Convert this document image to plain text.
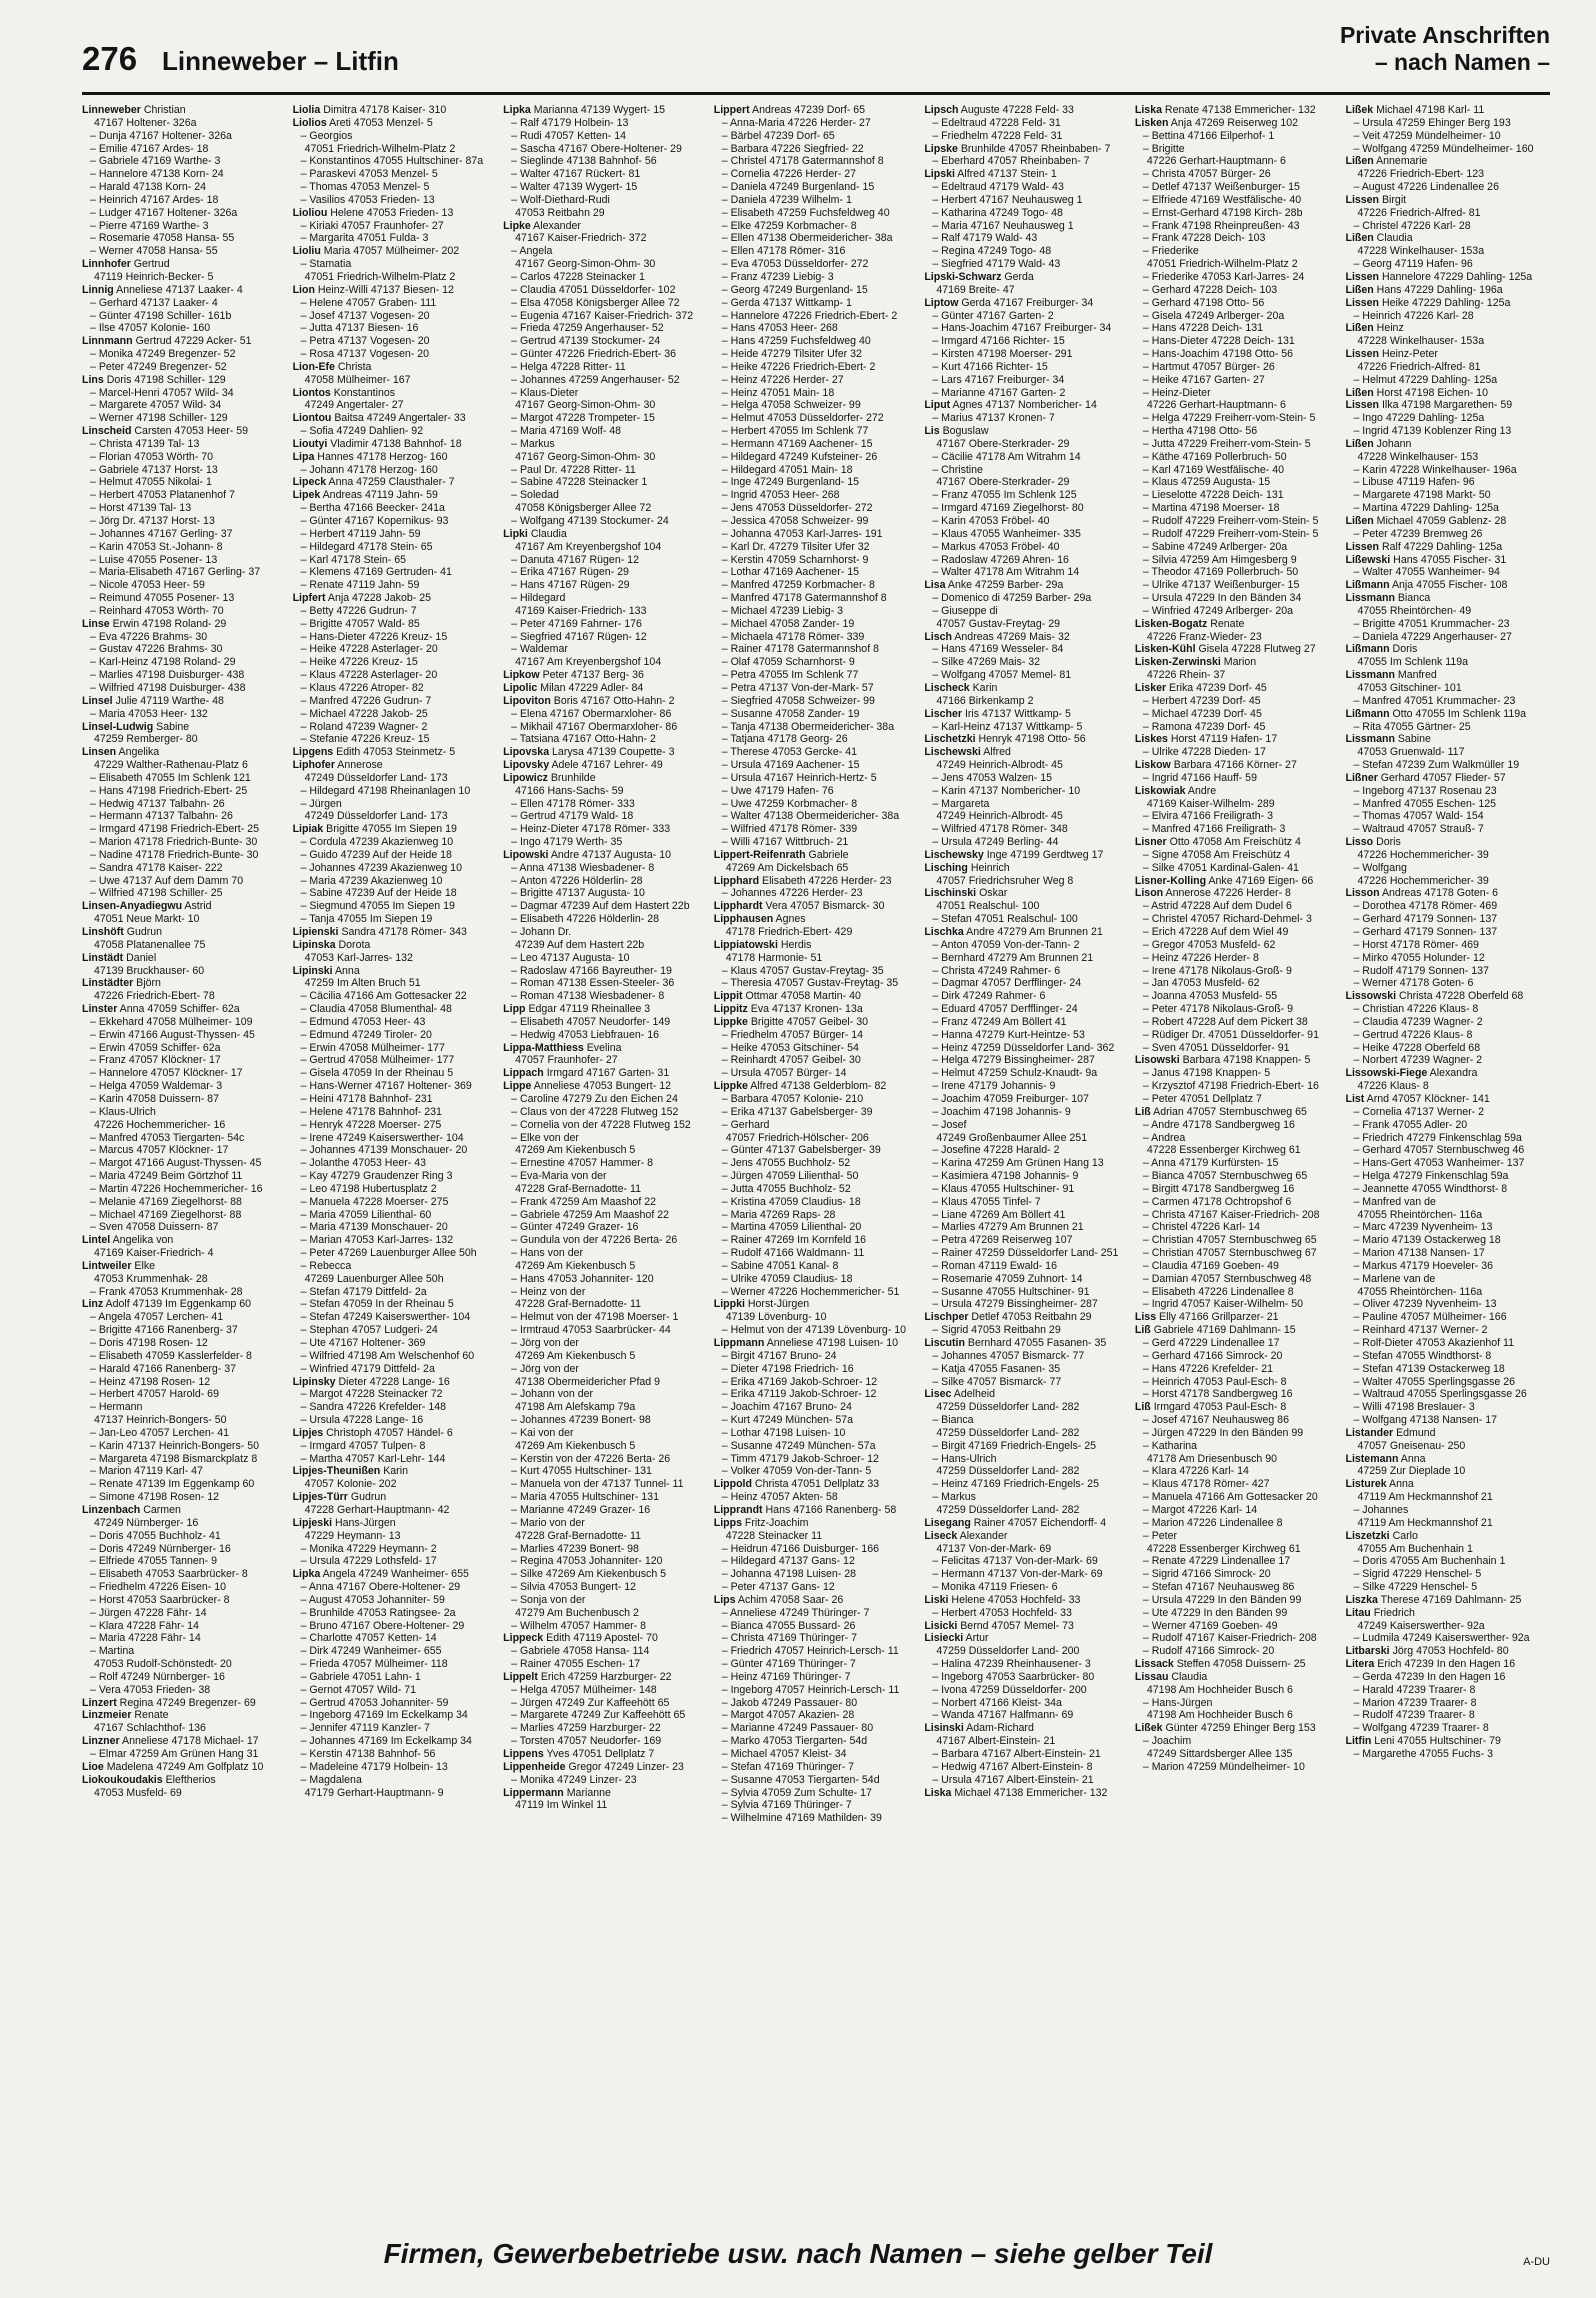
276 Linneweber – Litfin
Private Anschriften
– nach Namen –
Linneweber Christian
47167 Holtener- 326a
– Dunja 47167 Holtener- 326a
– Emilie 47167 Ardes- 18
– Gabriele 47169 Warthe- 3
– Hannelore 47138 Korn- 24
– Harald 47138 Korn- 24
– Heinrich 47167 Ardes- 18
– Ludger 47167 Holtener- 326a
– Pierre 47169 Warthe- 3
– Rosemarie 47058 Hansa- 55
– Werner 47058 Hansa- 55
Linnhofer Gertrud
47119 Heinrich-Becker- 5
Linnig Anneliese 47137 Laaker- 4
– Gerhard 47137 Laaker- 4
– Günter 47198 Schiller- 161b
– Ilse 47057 Kolonie- 160
Linnmann Gertrud 47229 Acker- 51
– Monika 47249 Bregenzer- 52
– Peter 47249 Bregenzer- 52
Lins Doris 47198 Schiller- 129
– Marcel-Henri 47057 Wild- 34
– Margarete 47057 Wild- 34
– Werner 47198 Schiller- 129
Linscheid Carsten 47053 Heer- 59
– Christa 47139 Tal- 13
– Florian 47053 Wörth- 70
– Gabriele 47137 Horst- 13
– Helmut 47055 Nikolai- 1
– Herbert 47053 Platanenhof 7
– Horst 47139 Tal- 13
– Jörg Dr. 47137 Horst- 13
– Johannes 47167 Gerling- 37
– Karin 47053 St.-Johann- 8
– Luise 47055 Posener- 13
– Maria-Elisabeth 47167 Gerling- 37
– Nicole 47053 Heer- 59
– Reimund 47055 Posener- 13
– Reinhard 47053 Wörth- 70
Linse Erwin 47198 Roland- 29
– Eva 47226 Brahms- 30
– Gustav 47226 Brahms- 30
– Karl-Heinz 47198 Roland- 29
– Marlies 47198 Duisburger- 438
– Wilfried 47198 Duisburger- 438
Linsel Julie 47119 Warthe- 48
– Maria 47053 Heer- 132
Linsel-Ludwig Sabine
47259 Remberger- 80
Linsen Angelika
47229 Walther-Rathenau-Platz 6
– Elisabeth 47055 Im Schlenk 121
– Hans 47198 Friedrich-Ebert- 25
– Hedwig 47137 Talbahn- 26
– Hermann 47137 Talbahn- 26
– Irmgard 47198 Friedrich-Ebert- 25
– Marion 47178 Friedrich-Bunte- 30
– Nadine 47178 Friedrich-Bunte- 30
– Sandra 47178 Kaiser- 222
– Uwe 47137 Auf dem Damm 70
– Wilfried 47198 Schiller- 25
Linsen-Anyadiegwu Astrid
47051 Neue Markt- 10
Linshöft Gudrun
47058 Platanenallee 75
Linstädt Daniel
47139 Bruckhauser- 60
Linstädter Björn
47226 Friedrich-Ebert- 78
Linster Anna 47059 Schiffer- 62a
– Ekkehard 47058 Mülheimer- 109
– Erwin 47166 August-Thyssen- 45
– Erwin 47059 Schiffer- 62a
– Franz 47057 Klöckner- 17
– Hannelore 47057 Klöckner- 17
– Helga 47059 Waldemar- 3
– Karin 47058 Duissern- 87
– Klaus-Ulrich
47226 Hochemmericher- 16
– Manfred 47053 Tiergarten- 54c
– Marcus 47057 Klöckner- 17
– Margot 47166 August-Thyssen- 45
– Maria 47249 Beim Görtzhof 11
– Martin 47226 Hochemmericher- 16
– Melanie 47169 Ziegelhorst- 88
– Michael 47169 Ziegelhorst- 88
– Sven 47058 Duissern- 87
Lintel Angelika von
47169 Kaiser-Friedrich- 4
Lintweiler Elke
47053 Krummenhak- 28
– Frank 47053 Krummenhak- 28
Linz Adolf 47139 Im Eggenkamp 60
– Angela 47057 Lerchen- 41
– Brigitte 47166 Ranenberg- 37
– Doris 47198 Rosen- 12
– Elisabeth 47059 Kasslerfelder- 8
– Harald 47166 Ranenberg- 37
– Heinz 47198 Rosen- 12
– Herbert 47057 Harold- 69
– Hermann
47137 Heinrich-Bongers- 50
– Jan-Leo 47057 Lerchen- 41
– Karin 47137 Heinrich-Bongers- 50
– Margareta 47198 Bismarckplatz 8
– Marion 47119 Karl- 47
– Renate 47139 Im Eggenkamp 60
– Simone 47198 Rosen- 12
Linzenbach Carmen
47249 Nürnberger- 16
– Doris 47055 Buchholz- 41
– Doris 47249 Nürnberger- 16
– Elfriede 47055 Tannen- 9
– Elisabeth 47053 Saarbrücker- 8
– Friedhelm 47226 Eisen- 10
– Horst 47053 Saarbrücker- 8
– Jürgen 47228 Fähr- 14
– Klara 47228 Fähr- 14
– Maria 47228 Fähr- 14
– Martina
47053 Rudolf-Schönstedt- 20
– Rolf 47249 Nürnberger- 16
– Vera 47053 Frieden- 38
Linzert Regina 47249 Bregenzer- 69
Linzmeier Renate
47167 Schlachthof- 136
Linzner Anneliese 47178 Michael- 17
– Elmar 47259 Am Grünen Hang 31
Lioe Madelena 47249 Am Golfplatz 10
Liokoukoudakis Eleftherios
47053 Musfeld- 69
Liolia Dimitra 47178 Kaiser- 310
Liolios Areti 47053 Menzel- 5
– Georgios
47051 Friedrich-Wilhelm-Platz 2
– Konstantinos 47055 Hultschiner- 87a
– Paraskevi 47053 Menzel- 5
– Thomas 47053 Menzel- 5
– Vasilios 47053 Frieden- 13
Lioliou Helene 47053 Frieden- 13
– Kiriaki 47057 Fraunhofer- 27
– Margarita 47051 Fulda- 3
Lioliu Maria 47057 Mülheimer- 202
– Stamatia
47051 Friedrich-Wilhelm-Platz 2
Lion Heinz-Willi 47137 Biesen- 12
– Helene 47057 Graben- 111
– Josef 47137 Vogesen- 20
– Jutta 47137 Biesen- 16
– Petra 47137 Vogesen- 20
– Rosa 47137 Vogesen- 20
Lion-Efe Christa
47058 Mülheimer- 167
Liontos Konstantinos
47249 Angertaler- 27
Liontou Baitsa 47249 Angertaler- 33
– Sofia 47249 Dahlien- 92
Lioutyi Vladimir 47138 Bahnhof- 18
Lipa Hannes 47178 Herzog- 160
– Johann 47178 Herzog- 160
Lipeck Anna 47259 Clausthaler- 7
Lipek Andreas 47119 Jahn- 59
– Bertha 47166 Beecker- 241a
– Günter 47167 Kopernikus- 93
– Herbert 47119 Jahn- 59
– Hildegard 47178 Stein- 65
– Karl 47178 Stein- 65
– Klemens 47169 Gertruden- 41
– Renate 47119 Jahn- 59
Lipfert Anja 47228 Jakob- 25
– Betty 47226 Gudrun- 7
– Brigitte 47057 Wald- 85
– Hans-Dieter 47226 Kreuz- 15
– Heike 47228 Asterlager- 20
– Heike 47226 Kreuz- 15
– Klaus 47228 Asterlager- 20
– Klaus 47226 Atroper- 82
– Manfred 47226 Gudrun- 7
– Michael 47228 Jakob- 25
– Roland 47239 Wagner- 2
– Stefanie 47226 Kreuz- 15
Lipgens Edith 47053 Steinmetz- 5
Liphofer Annerose
47249 Düsseldorfer Land- 173
– Hildegard 47198 Rheinanlagen 10
– Jürgen
47249 Düsseldorfer Land- 173
Lipiak Brigitte 47055 Im Siepen 19
– Cordula 47239 Akazienweg 10
– Guido 47239 Auf der Heide 18
– Johannes 47239 Akazienweg 10
– Maria 47239 Akazienweg 10
– Sabine 47239 Auf der Heide 18
– Siegmund 47055 Im Siepen 19
– Tanja 47055 Im Siepen 19
Lipienski Sandra 47178 Römer- 343
Lipinska Dorota
47053 Karl-Jarres- 132
Lipinski Anna
47259 Im Alten Bruch 51
– Cäcilia 47166 Am Gottesacker 22
– Claudia 47058 Blumenthal- 48
– Edmund 47053 Heer- 43
– Edmund 47249 Tiroler- 20
– Erwin 47058 Mülheimer- 177
– Gertrud 47058 Mülheimer- 177
– Gisela 47059 In der Rheinau 5
– Hans-Werner 47167 Holtener- 369
– Heini 47178 Bahnhof- 231
– Helene 47178 Bahnhof- 231
– Henryk 47228 Moerser- 275
– Irene 47249 Kaiserswerther- 104
– Johannes 47139 Monschauer- 20
– Jolanthe 47053 Heer- 43
– Kay 47279 Graudenzer Ring 3
– Leo 47198 Hubertusplatz 2
– Manuela 47228 Moerser- 275
– Maria 47059 Lilienthal- 60
– Maria 47139 Monschauer- 20
– Marian 47053 Karl-Jarres- 132
– Peter 47269 Lauenburger Allee 50h
– Rebecca
47269 Lauenburger Allee 50h
– Stefan 47179 Dittfeld- 2a
– Stefan 47059 In der Rheinau 5
– Stefan 47249 Kaiserswerther- 104
– Stephan 47057 Ludgeri- 24
– Ute 47167 Holtener- 369
– Wilfried 47198 Am Welschenhof 60
– Winfried 47179 Dittfeld- 2a
Lipinsky Dieter 47228 Lange- 16
– Margot 47228 Steinacker 72
– Sandra 47226 Krefelder- 148
– Ursula 47228 Lange- 16
Lipjes Christoph 47057 Händel- 6
– Irmgard 47057 Tulpen- 8
– Martha 47057 Karl-Lehr- 144
Lipjes-Theunißen Karin
47057 Kolonie- 202
Lipjes-Türr Gudrun
47228 Gerhart-Hauptmann- 42
Lipjeski Hans-Jürgen
47229 Heymann- 13
– Monika 47229 Heymann- 2
– Ursula 47229 Lothsfeld- 17
Lipka Angela 47249 Wanheimer- 655
– Anna 47167 Obere-Holtener- 29
– August 47053 Johanniter- 59
– Brunhilde 47053 Ratingsee- 2a
– Bruno 47167 Obere-Holtener- 29
– Charlotte 47057 Ketten- 14
– Dirk 47249 Wanheimer- 655
– Frieda 47057 Mülheimer- 118
– Gabriele 47051 Lahn- 1
– Gernot 47057 Wild- 71
– Gertrud 47053 Johanniter- 59
– Ingeborg 47169 Im Eckelkamp 34
– Jennifer 47119 Kanzler- 7
– Johannes 47169 Im Eckelkamp 34
– Kerstin 47138 Bahnhof- 56
– Madeleine 47179 Holbein- 13
– Magdalena
47179 Gerhart-Hauptmann- 9
Lipka Marianna 47139 Wygert- 15
– Ralf 47179 Holbein- 13
– Rudi 47057 Ketten- 14
– Sascha 47167 Obere-Holtener- 29
– Sieglinde 47138 Bahnhof- 56
– Walter 47167 Rückert- 81
– Walter 47139 Wygert- 15
– Wolf-Diethard-Rudi
47053 Reitbahn 29
Lipke Alexander
47167 Kaiser-Friedrich- 372
– Angela
47167 Georg-Simon-Ohm- 30
– Carlos 47228 Steinacker 1
– Claudia 47051 Düsseldorfer- 102
– Elsa 47058 Königsberger Allee 72
– Eugenia 47167 Kaiser-Friedrich- 372
– Frieda 47259 Angerhauser- 52
– Gertrud 47139 Stockumer- 24
– Günter 47226 Friedrich-Ebert- 36
– Helga 47228 Ritter- 11
– Johannes 47259 Angerhauser- 52
– Klaus-Dieter
47167 Georg-Simon-Ohm- 30
– Margot 47228 Trompeter- 15
– Maria 47169 Wolf- 48
– Markus
47167 Georg-Simon-Ohm- 30
– Paul Dr. 47228 Ritter- 11
– Sabine 47228 Steinacker 1
– Soledad
47058 Königsberger Allee 72
– Wolfgang 47139 Stockumer- 24
Lipki Claudia
47167 Am Kreyenbergshof 104
– Danuta 47167 Rügen- 12
– Erika 47167 Rügen- 29
– Hans 47167 Rügen- 29
– Hildegard
47169 Kaiser-Friedrich- 133
– Peter 47169 Fahrner- 176
– Siegfried 47167 Rügen- 12
– Waldemar
47167 Am Kreyenbergshof 104
Lipkow Peter 47137 Berg- 36
Lipolic Milan 47229 Adler- 84
Lipoviton Boris 47167 Otto-Hahn- 2
– Elena 47167 Obermarxloher- 86
– Mikhail 47167 Obermarxloher- 86
– Tatsiana 47167 Otto-Hahn- 2
Lipovska Larysa 47139 Coupette- 3
Lipovsky Adele 47167 Lehrer- 49
Lipowicz Brunhilde
47166 Hans-Sachs- 59
– Ellen 47178 Römer- 333
– Gertrud 47179 Wald- 18
– Heinz-Dieter 47178 Römer- 333
– Ingo 47179 Werth- 35
Lipowski Andre 47137 Augusta- 10
– Anna 47138 Wiesbadener- 8
– Anton 47226 Hölderlin- 28
– Brigitte 47137 Augusta- 10
– Dagmar 47239 Auf dem Hastert 22b
– Elisabeth 47226 Hölderlin- 28
– Johann Dr.
47239 Auf dem Hastert 22b
– Leo 47137 Augusta- 10
– Radoslaw 47166 Bayreuther- 19
– Roman 47138 Essen-Steeler- 36
– Roman 47138 Wiesbadener- 8
Lipp Edgar 47119 Rheinallee 3
– Elisabeth 47057 Neudorfer- 149
– Hedwig 47053 Liebfrauen- 16
Lippa-Matthiess Evelina
47057 Fraunhofer- 27
Lippach Irmgard 47167 Garten- 31
Lippe Anneliese 47053 Bungert- 12
– Caroline 47279 Zu den Eichen 24
– Claus von der 47228 Flutweg 152
– Cornelia von der 47228 Flutweg 152
– Elke von der
47269 Am Kiekenbusch 5
– Ernestine 47057 Hammer- 8
– Eva-Maria von der
47228 Graf-Bernadotte- 11
– Frank 47259 Am Maashof 22
– Gabriele 47259 Am Maashof 22
– Günter 47249 Grazer- 16
– Gundula von der 47226 Berta- 26
– Hans von der
47269 Am Kiekenbusch 5
– Hans 47053 Johanniter- 120
– Heinz von der
47228 Graf-Bernadotte- 11
– Helmut von der 47198 Moerser- 1
– Irmtraud 47053 Saarbrücker- 44
– Jörg von der
47269 Am Kiekenbusch 5
– Jörg von der
47138 Obermeidericher Pfad 9
– Johann von der
47198 Am Alefskamp 79a
– Johannes 47239 Bonert- 98
– Kai von der
47269 Am Kiekenbusch 5
– Kerstin von der 47226 Berta- 26
– Kurt 47055 Hultschiner- 131
– Manuela von der 47137 Tunnel- 11
– Maria 47055 Hultschiner- 131
– Marianne 47249 Grazer- 16
– Mario von der
47228 Graf-Bernadotte- 11
– Marlies 47239 Bonert- 98
– Regina 47053 Johanniter- 120
– Silke 47269 Am Kiekenbusch 5
– Silvia 47053 Bungert- 12
– Sonja von der
47279 Am Buchenbusch 2
– Wilhelm 47057 Hammer- 8
Lippeck Edith 47119 Apostel- 70
– Gabriele 47058 Hansa- 114
– Rainer 47055 Eschen- 17
Lippelt Erich 47259 Harzburger- 22
– Helga 47057 Mülheimer- 148
– Jürgen 47249 Zur Kaffeehött 65
– Margarete 47249 Zur Kaffeehött 65
– Marlies 47259 Harzburger- 22
– Torsten 47057 Neudorfer- 169
Lippens Yves 47051 Dellplatz 7
Lippenheide Gregor 47249 Linzer- 23
– Monika 47249 Linzer- 23
Lippermann Marianne
47119 Im Winkel 11
Lippert Andreas 47239 Dorf- 65
– Anna-Maria 47226 Herder- 27
– Bärbel 47239 Dorf- 65
– Barbara 47226 Siegfried- 22
– Christel 47178 Gatermannshof 8
– Cornelia 47226 Herder- 27
– Daniela 47249 Burgenland- 15
– Daniela 47239 Wilhelm- 1
– Elisabeth 47259 Fuchsfeldweg 40
– Elke 47259 Korbmacher- 8
– Ellen 47138 Obermeidericher- 38a
– Ellen 47178 Römer- 316
– Eva 47053 Düsseldorfer- 272
– Franz 47239 Liebig- 3
– Georg 47249 Burgenland- 15
– Gerda 47137 Wittkamp- 1
– Hannelore 47226 Friedrich-Ebert- 2
– Hans 47053 Heer- 268
– Hans 47259 Fuchsfeldweg 40
– Heide 47279 Tilsiter Ufer 32
– Heike 47226 Friedrich-Ebert- 2
– Heinz 47226 Herder- 27
– Heinz 47051 Main- 18
– Helga 47058 Schweizer- 99
– Helmut 47053 Düsseldorfer- 272
– Herbert 47055 Im Schlenk 77
– Hermann 47169 Aachener- 15
– Hildegard 47249 Kufsteiner- 26
– Hildegard 47051 Main- 18
– Inge 47249 Burgenland- 15
– Ingrid 47053 Heer- 268
– Jens 47053 Düsseldorfer- 272
– Jessica 47058 Schweizer- 99
– Johanna 47053 Karl-Jarres- 191
– Karl Dr. 47279 Tilsiter Ufer 32
– Kerstin 47059 Scharnhorst- 9
– Lothar 47169 Aachener- 15
– Manfred 47259 Korbmacher- 8
– Manfred 47178 Gatermannshof 8
– Michael 47239 Liebig- 3
– Michael 47058 Zander- 19
– Michaela 47178 Römer- 339
– Rainer 47178 Gatermannshof 8
– Olaf 47059 Scharnhorst- 9
– Petra 47055 Im Schlenk 77
– Petra 47137 Von-der-Mark- 57
– Siegfried 47058 Schweizer- 99
– Susanne 47058 Zander- 19
– Tanja 47138 Obermeidericher- 38a
– Tatjana 47178 Georg- 26
– Therese 47053 Gercke- 41
– Ursula 47169 Aachener- 15
– Ursula 47167 Heinrich-Hertz- 5
– Uwe 47179 Hafen- 76
– Uwe 47259 Korbmacher- 8
– Walter 47138 Obermeidericher- 38a
– Wilfried 47178 Römer- 339
– Willi 47167 Wittbruch- 21
Lippert-Reifenrath Gabriele
47269 Am Dickelsbach 65
Lipphard Elisabeth 47226 Herder- 23
– Johannes 47226 Herder- 23
Lipphardt Vera 47057 Bismarck- 30
Lipphausen Agnes
47178 Friedrich-Ebert- 429
Lippiatowski Herdis
47178 Harmonie- 51
– Klaus 47057 Gustav-Freytag- 35
– Theresia 47057 Gustav-Freytag- 35
Lippit Ottmar 47058 Martin- 40
Lippitz Eva 47137 Kronen- 13a
Lippke Brigitte 47057 Geibel- 30
– Friedhelm 47057 Bürger- 14
– Heike 47053 Gitschiner- 54
– Reinhardt 47057 Geibel- 30
– Ursula 47057 Bürger- 14
Lippke Alfred 47138 Gelderblom- 82
– Barbara 47057 Kolonie- 210
– Erika 47137 Gabelsberger- 39
– Gerhard
47057 Friedrich-Hölscher- 206
– Günter 47137 Gabelsberger- 39
– Jens 47055 Buchholz- 52
– Jürgen 47059 Lilienthal- 50
– Jutta 47055 Buchholz- 52
– Kristina 47059 Claudius- 18
– Maria 47269 Raps- 28
– Martina 47059 Lilienthal- 20
– Rainer 47269 Im Kornfeld 16
– Rudolf 47166 Waldmann- 11
– Sabine 47051 Kanal- 8
– Ulrike 47059 Claudius- 18
– Werner 47226 Hochemmericher- 51
Lippki Horst-Jürgen
47139 Lövenburg- 10
– Helmut von der 47139 Lövenburg- 10
Lippmann Anneliese 47198 Luisen- 10
– Birgit 47167 Bruno- 24
– Dieter 47198 Friedrich- 16
– Erika 47169 Jakob-Schroer- 12
– Erika 47119 Jakob-Schroer- 12
– Joachim 47167 Bruno- 24
– Kurt 47249 München- 57a
– Lothar 47198 Luisen- 10
– Susanne 47249 München- 57a
– Timm 47179 Jakob-Schroer- 12
– Volker 47059 Von-der-Tann- 5
Lippold Christa 47051 Dellplatz 33
– Heinz 47057 Akten- 58
Lipprandt Hans 47166 Ranenberg- 58
Lipps Fritz-Joachim
47228 Steinacker 11
– Heidrun 47166 Duisburger- 166
– Hildegard 47137 Gans- 12
– Johanna 47198 Luisen- 28
– Peter 47137 Gans- 12
Lips Achim 47058 Saar- 26
– Anneliese 47249 Thüringer- 7
– Bianca 47055 Bussard- 26
– Christa 47169 Thüringer- 7
– Friedrich 47057 Heinrich-Lersch- 11
– Günter 47169 Thüringer- 7
– Heinz 47169 Thüringer- 7
– Ingeborg 47057 Heinrich-Lersch- 11
– Jakob 47249 Passauer- 80
– Margot 47057 Akazien- 28
– Marianne 47249 Passauer- 80
– Marko 47053 Tiergarten- 54d
– Michael 47057 Kleist- 34
– Stefan 47169 Thüringer- 7
– Susanne 47053 Tiergarten- 54d
– Sylvia 47059 Zum Schulte- 17
– Sylvia 47169 Thüringer- 7
– Wilhelmine 47169 Mathilden- 39
Lipsch Auguste 47228 Feld- 33
– Edeltraud 47228 Feld- 31
– Friedhelm 47228 Feld- 31
Lipske Brunhilde 47057 Rheinbaben- 7
– Eberhard 47057 Rheinbaben- 7
Lipski Alfred 47137 Stein- 1
– Edeltraud 47179 Wald- 43
– Herbert 47167 Neuhausweg 1
– Katharina 47249 Togo- 48
– Maria 47167 Neuhausweg 1
– Ralf 47179 Wald- 43
– Regina 47249 Togo- 48
– Siegfried 47179 Wald- 43
Lipski-Schwarz Gerda
47169 Breite- 47
Liptow Gerda 47167 Freiburger- 34
– Günter 47167 Garten- 2
– Hans-Joachim 47167 Freiburger- 34
– Irmgard 47166 Richter- 15
– Kirsten 47198 Moerser- 291
– Kurt 47166 Richter- 15
– Lars 47167 Freiburger- 34
– Marianne 47167 Garten- 2
Liput Agnes 47137 Nombericher- 14
– Marius 47137 Kronen- 7
Lis Boguslaw
47167 Obere-Sterkrader- 29
– Cäcilie 47178 Am Witrahm 14
– Christine
47167 Obere-Sterkrader- 29
– Franz 47055 Im Schlenk 125
– Irmgard 47169 Ziegelhorst- 80
– Karin 47053 Fröbel- 40
– Klaus 47055 Wanheimer- 335
– Markus 47053 Fröbel- 40
– Radoslaw 47269 Ahren- 16
– Walter 47178 Am Witrahm 14
Lisa Anke 47259 Barber- 29a
– Domenico di 47259 Barber- 29a
– Giuseppe di
47057 Gustav-Freytag- 29
Lisch Andreas 47269 Mais- 32
– Hans 47169 Wesseler- 84
– Silke 47269 Mais- 32
– Wolfgang 47057 Memel- 81
Lischeck Karin
47166 Birkenkamp 2
Lischer Iris 47137 Wittkamp- 5
– Karl-Heinz 47137 Wittkamp- 5
Lischetzki Henryk 47198 Otto- 56
Lischewski Alfred
47249 Heinrich-Albrodt- 45
– Jens 47053 Walzen- 15
– Karin 47137 Nombericher- 10
– Margareta
47249 Heinrich-Albrodt- 45
– Wilfried 47178 Römer- 348
– Ursula 47249 Berling- 44
Lischewsky Inge 47199 Gerdtweg 17
Lisching Heinrich
47057 Friedrichsruher Weg 8
Lischinski Oskar
47051 Realschul- 100
– Stefan 47051 Realschul- 100
Lischka Andre 47279 Am Brunnen 21
– Anton 47059 Von-der-Tann- 2
– Bernhard 47279 Am Brunnen 21
– Christa 47249 Rahmer- 6
– Dagmar 47057 Derfflinger- 24
– Dirk 47249 Rahmer- 6
– Eduard 47057 Derfflinger- 24
– Franz 47249 Am Böllert 41
– Hanna 47279 Kurt-Heintze- 53
– Heinz 47259 Düsseldorfer Land- 362
– Helga 47279 Bissingheimer- 287
– Helmut 47259 Schulz-Knaudt- 9a
– Irene 47179 Johannis- 9
– Joachim 47059 Freiburger- 107
– Joachim 47198 Johannis- 9
– Josef
47249 Großenbaumer Allee 251
– Josefine 47228 Harald- 2
– Karina 47259 Am Grünen Hang 13
– Kasimiera 47198 Johannis- 9
– Klaus 47055 Hultschiner- 91
– Klaus 47055 Tinfel- 7
– Liane 47269 Am Böllert 41
– Marlies 47279 Am Brunnen 21
– Petra 47269 Reiserweg 107
– Rainer 47259 Düsseldorfer Land- 251
– Roman 47119 Ewald- 16
– Rosemarie 47059 Zuhnort- 14
– Susanne 47055 Hultschiner- 91
– Ursula 47279 Bissingheimer- 287
Lischper Detlef 47053 Reitbahn 29
– Sigrid 47053 Reitbahn 29
Liscutin Bernhard 47055 Fasanen- 35
– Johannes 47057 Bismarck- 77
– Katja 47055 Fasanen- 35
– Silke 47057 Bismarck- 77
Lisec Adelheid
47259 Düsseldorfer Land- 282
– Bianca
47259 Düsseldorfer Land- 282
– Birgit 47169 Friedrich-Engels- 25
– Hans-Ulrich
47259 Düsseldorfer Land- 282
– Heinz 47169 Friedrich-Engels- 25
– Markus
47259 Düsseldorfer Land- 282
Lisegang Rainer 47057 Eichendorff- 4
Liseck Alexander
47137 Von-der-Mark- 69
– Felicitas 47137 Von-der-Mark- 69
– Hermann 47137 Von-der-Mark- 69
– Monika 47119 Friesen- 6
Liski Helene 47053 Hochfeld- 33
– Herbert 47053 Hochfeld- 33
Lisicki Bernd 47057 Memel- 73
Lisiecki Artur
47259 Düsseldorfer Land- 200
– Halina 47239 Rheinhausener- 3
– Ingeborg 47053 Saarbrücker- 80
– Ivona 47259 Düsseldorfer- 200
– Norbert 47166 Kleist- 34a
– Wanda 47167 Halfmann- 69
Lisinski Adam-Richard
47167 Albert-Einstein- 21
– Barbara 47167 Albert-Einstein- 21
– Hedwig 47167 Albert-Einstein- 8
– Ursula 47167 Albert-Einstein- 21
Liska Michael 47138 Emmericher- 132
Liska Renate 47138 Emmericher- 132
Lisken Anja 47269 Reiserweg 102
– Bettina 47166 Eilperhof- 1
– Brigitte
47226 Gerhart-Hauptmann- 6
– Christa 47057 Bürger- 26
– Detlef 47137 Weißenburger- 15
– Elfriede 47169 Westfälische- 40
– Ernst-Gerhard 47198 Kirch- 28b
– Frank 47198 Rheinpreußen- 43
– Frank 47228 Deich- 103
– Friederike
47051 Friedrich-Wilhelm-Platz 2
– Friederike 47053 Karl-Jarres- 24
– Gerhard 47228 Deich- 103
– Gerhard 47198 Otto- 56
– Gisela 47249 Arlberger- 20a
– Hans 47228 Deich- 131
– Hans-Dieter 47228 Deich- 131
– Hans-Joachim 47198 Otto- 56
– Hartmut 47057 Bürger- 26
– Heike 47167 Garten- 27
– Heinz-Dieter
47226 Gerhart-Hauptmann- 6
– Helga 47229 Freiherr-vom-Stein- 5
– Hertha 47198 Otto- 56
– Jutta 47229 Freiherr-vom-Stein- 5
– Käthe 47169 Pollerbruch- 50
– Karl 47169 Westfälische- 40
– Klaus 47259 Augusta- 15
– Lieselotte 47228 Deich- 131
– Martina 47198 Moerser- 18
– Rudolf 47229 Freiherr-vom-Stein- 5
– Rudolf 47229 Freiherr-vom-Stein- 5
– Sabine 47249 Arlberger- 20a
– Silvia 47259 Am Himgesberg 9
– Theodor 47169 Pollerbruch- 50
– Ulrike 47137 Weißenburger- 15
– Ursula 47229 In den Bänden 34
– Winfried 47249 Arlberger- 20a
Lisken-Bogatz Renate
47226 Franz-Wieder- 23
Lisken-Kühl Gisela 47228 Flutweg 27
Lisken-Zerwinski Marion
47226 Rhein- 37
Lisker Erika 47239 Dorf- 45
– Herbert 47239 Dorf- 45
– Michael 47239 Dorf- 45
– Ramona 47239 Dorf- 45
Liskes Horst 47119 Hafen- 17
– Ulrike 47228 Dieden- 17
Liskow Barbara 47166 Körner- 27
– Ingrid 47166 Hauff- 59
Liskowiak Andre
47169 Kaiser-Wilhelm- 289
– Elvira 47166 Freiligrath- 3
– Manfred 47166 Freiligrath- 3
Lisner Otto 47058 Am Freischütz 4
– Signe 47058 Am Freischütz 4
– Silke 47051 Kardinal-Galen- 41
Lisner-Kolling Anke 47169 Eigen- 66
Lison Annerose 47226 Herder- 8
– Astrid 47228 Auf dem Dudel 6
– Christel 47057 Richard-Dehmel- 3
– Erich 47228 Auf dem Wiel 49
– Gregor 47053 Musfeld- 62
– Heinz 47226 Herder- 8
– Irene 47178 Nikolaus-Groß- 9
– Jan 47053 Musfeld- 62
– Joanna 47053 Musfeld- 55
– Peter 47178 Nikolaus-Groß- 9
– Robert 47228 Auf dem Pickert 38
– Rüdiger Dr. 47051 Düsseldorfer- 91
– Sven 47051 Düsseldorfer- 91
Lisowski Barbara 47198 Knappen- 5
– Janus 47198 Knappen- 5
– Krzysztof 47198 Friedrich-Ebert- 16
– Peter 47051 Dellplatz 7
Liß Adrian 47057 Sternbuschweg 65
– Andre 47178 Sandbergweg 16
– Andrea
47228 Essenberger Kirchweg 61
– Anna 47179 Kurfürsten- 15
– Bianca 47057 Sternbuschweg 65
– Birgitt 47178 Sandbergweg 16
– Carmen 47178 Ochtropshof 6
– Christa 47167 Kaiser-Friedrich- 208
– Christel 47226 Karl- 14
– Christian 47057 Sternbuschweg 65
– Christian 47057 Sternbuschweg 67
– Claudia 47169 Goeben- 49
– Damian 47057 Sternbuschweg 48
– Elisabeth 47226 Lindenallee 8
– Ingrid 47057 Kaiser-Wilhelm- 50
Liss Elly 47166 Grillparzer- 21
Liß Gabriele 47169 Dahlmann- 15
– Gerd 47229 Lindenallee 17
– Gerhard 47166 Simrock- 20
– Hans 47226 Krefelder- 21
– Heinrich 47053 Paul-Esch- 8
– Horst 47178 Sandbergweg 16
Liß Irmgard 47053 Paul-Esch- 8
– Josef 47167 Neuhausweg 86
– Jürgen 47229 In den Bänden 99
– Katharina
47178 Am Driesenbusch 90
– Klara 47226 Karl- 14
– Klaus 47178 Römer- 427
– Manuela 47166 Am Gottesacker 20
– Margot 47226 Karl- 14
– Marion 47226 Lindenallee 8
– Peter
47228 Essenberger Kirchweg 61
– Renate 47229 Lindenallee 17
– Sigrid 47166 Simrock- 20
– Stefan 47167 Neuhausweg 86
– Ursula 47229 In den Bänden 99
– Ute 47229 In den Bänden 99
– Werner 47169 Goeben- 49
– Rudolf 47167 Kaiser-Friedrich- 208
– Rudolf 47166 Simrock- 20
Lissack Steffen 47058 Duissern- 25
Lissau Claudia
47198 Am Hochheider Busch 6
– Hans-Jürgen
47198 Am Hochheider Busch 6
Lißek Günter 47259 Ehinger Berg 153
– Joachim
47249 Sittardsberger Allee 135
– Marion 47259 Mündelheimer- 10
Lißek Michael 47198 Karl- 11
– Ursula 47259 Ehinger Berg 193
– Veit 47259 Mündelheimer- 10
– Wolfgang 47259 Mündelheimer- 160
Lißen Annemarie
47226 Friedrich-Ebert- 123
– August 47226 Lindenallee 26
Lissen Birgit
47226 Friedrich-Alfred- 81
– Christel 47226 Karl- 28
Lißen Claudia
47228 Winkelhauser- 153a
– Georg 47119 Hafen- 96
Lissen Hannelore 47229 Dahling- 125a
Lißen Hans 47229 Dahling- 196a
Lissen Heike 47229 Dahling- 125a
– Heinrich 47226 Karl- 28
Lißen Heinz
47228 Winkelhauser- 153a
Lissen Heinz-Peter
47226 Friedrich-Alfred- 81
– Helmut 47229 Dahling- 125a
Lißen Horst 47198 Eichen- 10
Lissen Ilka 47198 Margarethen- 59
– Ingo 47229 Dahling- 125a
– Ingrid 47139 Koblenzer Ring 13
Lißen Johann
47228 Winkelhauser- 153
– Karin 47228 Winkelhauser- 196a
– Libuse 47119 Hafen- 96
– Margarete 47198 Markt- 50
– Martina 47229 Dahling- 125a
Lißen Michael 47059 Gablenz- 28
– Peter 47239 Bremweg 26
Lissen Ralf 47229 Dahling- 125a
Lißewski Hans 47055 Fischer- 31
– Walter 47055 Wanheimer- 94
Lißmann Anja 47055 Fischer- 108
Lissmann Bianca
47055 Rheintörchen- 49
– Brigitte 47051 Krummacher- 23
– Daniela 47229 Angerhauser- 27
Lißmann Doris
47055 Im Schlenk 119a
Lissmann Manfred
47053 Gitschiner- 101
– Manfred 47051 Krummacher- 23
Lißmann Otto 47055 Im Schlenk 119a
– Rita 47055 Gärtner- 25
Lissmann Sabine
47053 Gruenwald- 117
– Stefan 47239 Zum Walkmüller 19
Lißner Gerhard 47057 Flieder- 57
– Ingeborg 47137 Rosenau 23
– Manfred 47055 Eschen- 125
– Thomas 47057 Wald- 154
– Waltraud 47057 Strauß- 7
Lisso Doris
47226 Hochemmericher- 39
– Wolfgang
47226 Hochemmericher- 39
Lisson Andreas 47178 Goten- 6
– Dorothea 47178 Römer- 469
– Gerhard 47179 Sonnen- 137
– Gerhard 47179 Sonnen- 137
– Horst 47178 Römer- 469
– Mirko 47055 Holunder- 12
– Rudolf 47179 Sonnen- 137
– Werner 47178 Goten- 6
Lissowski Christa 47228 Oberfeld 68
– Christian 47226 Klaus- 8
– Claudia 47239 Wagner- 2
– Gertrud 47226 Klaus- 8
– Heike 47228 Oberfeld 68
– Norbert 47239 Wagner- 2
Lissowski-Fiege Alexandra
47226 Klaus- 8
List Arnd 47057 Klöckner- 141
– Cornelia 47137 Werner- 2
– Frank 47055 Adler- 20
– Friedrich 47279 Finkenschlag 59a
– Gerhard 47057 Sternbuschweg 46
– Hans-Gert 47053 Wanheimer- 137
– Helga 47279 Finkenschlag 59a
– Jeannette 47055 Windthorst- 8
– Manfred van de
47055 Rheintörchen- 116a
– Marc 47239 Nyvenheim- 13
– Mario 47139 Ostackerweg 18
– Marion 47138 Nansen- 17
– Markus 47179 Hoeveler- 36
– Marlene van de
47055 Rheintörchen- 116a
– Oliver 47239 Nyvenheim- 13
– Pauline 47057 Mülheimer- 166
– Reinhard 47137 Werner- 2
– Rolf-Dieter 47053 Akazienhof 11
– Stefan 47055 Windthorst- 8
– Stefan 47139 Ostackerweg 18
– Walter 47055 Sperlingsgasse 26
– Waltraud 47055 Sperlingsgasse 26
– Willi 47198 Breslauer- 3
– Wolfgang 47138 Nansen- 17
Listander Edmund
47057 Gneisenau- 250
Listemann Anna
47259 Zur Dieplade 10
Listurek Anna
47119 Am Heckmannshof 21
– Johannes
47119 Am Heckmannshof 21
Liszetzki Carlo
47055 Am Buchenhain 1
– Doris 47055 Am Buchenhain 1
– Sigrid 47229 Henschel- 5
– Silke 47229 Henschel- 5
Liszka Therese 47169 Dahlmann- 25
Litau Friedrich
47249 Kaiserswerther- 92a
– Ludmila 47249 Kaiserswerther- 92a
Litbarski Jörg 47053 Hochfeld- 80
Litera Erich 47239 In den Hagen 16
– Gerda 47239 In den Hagen 16
– Harald 47239 Traarer- 8
– Marion 47239 Traarer- 8
– Rudolf 47239 Traarer- 8
– Wolfgang 47239 Traarer- 8
Litfin Leni 47055 Hultschiner- 79
– Margarethe 47055 Fuchs- 3
Firmen, Gewerbebetriebe usw. nach Namen – siehe gelber Teil	A-DU
